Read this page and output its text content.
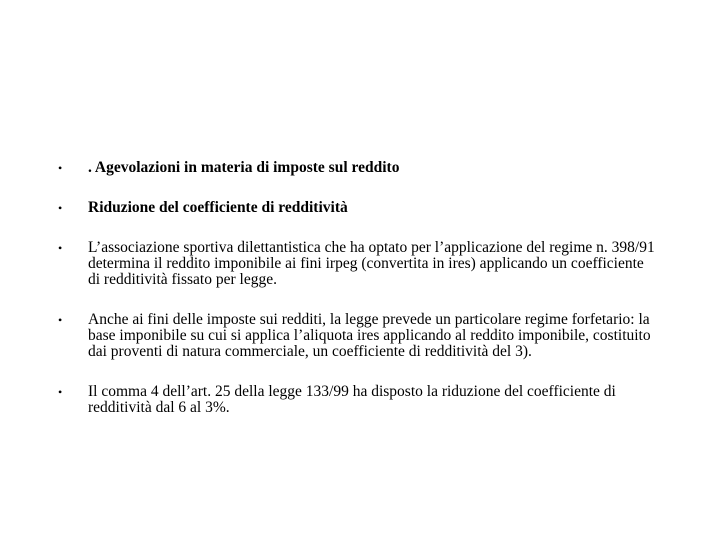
• . Agevolazioni in materia di imposte sul reddito
• Riduzione del coefficiente di redditività
• L’associazione sportiva dilettantistica che ha optato per l’applicazione del regime n. 398/91 determina il reddito imponibile ai fini irpeg (convertita in ires) applicando un coefficiente di redditività fissato per legge.
• Anche ai fini delle imposte sui redditi, la legge prevede un particolare regime forfetario: la base imponibile su cui si applica l’aliquota ires applicando al reddito imponibile, costituito dai proventi di natura commerciale, un coefficiente di redditività del 3).
• Il comma 4 dell’art. 25 della legge 133/99 ha disposto la riduzione del coefficiente di redditività dal 6 al 3%.
